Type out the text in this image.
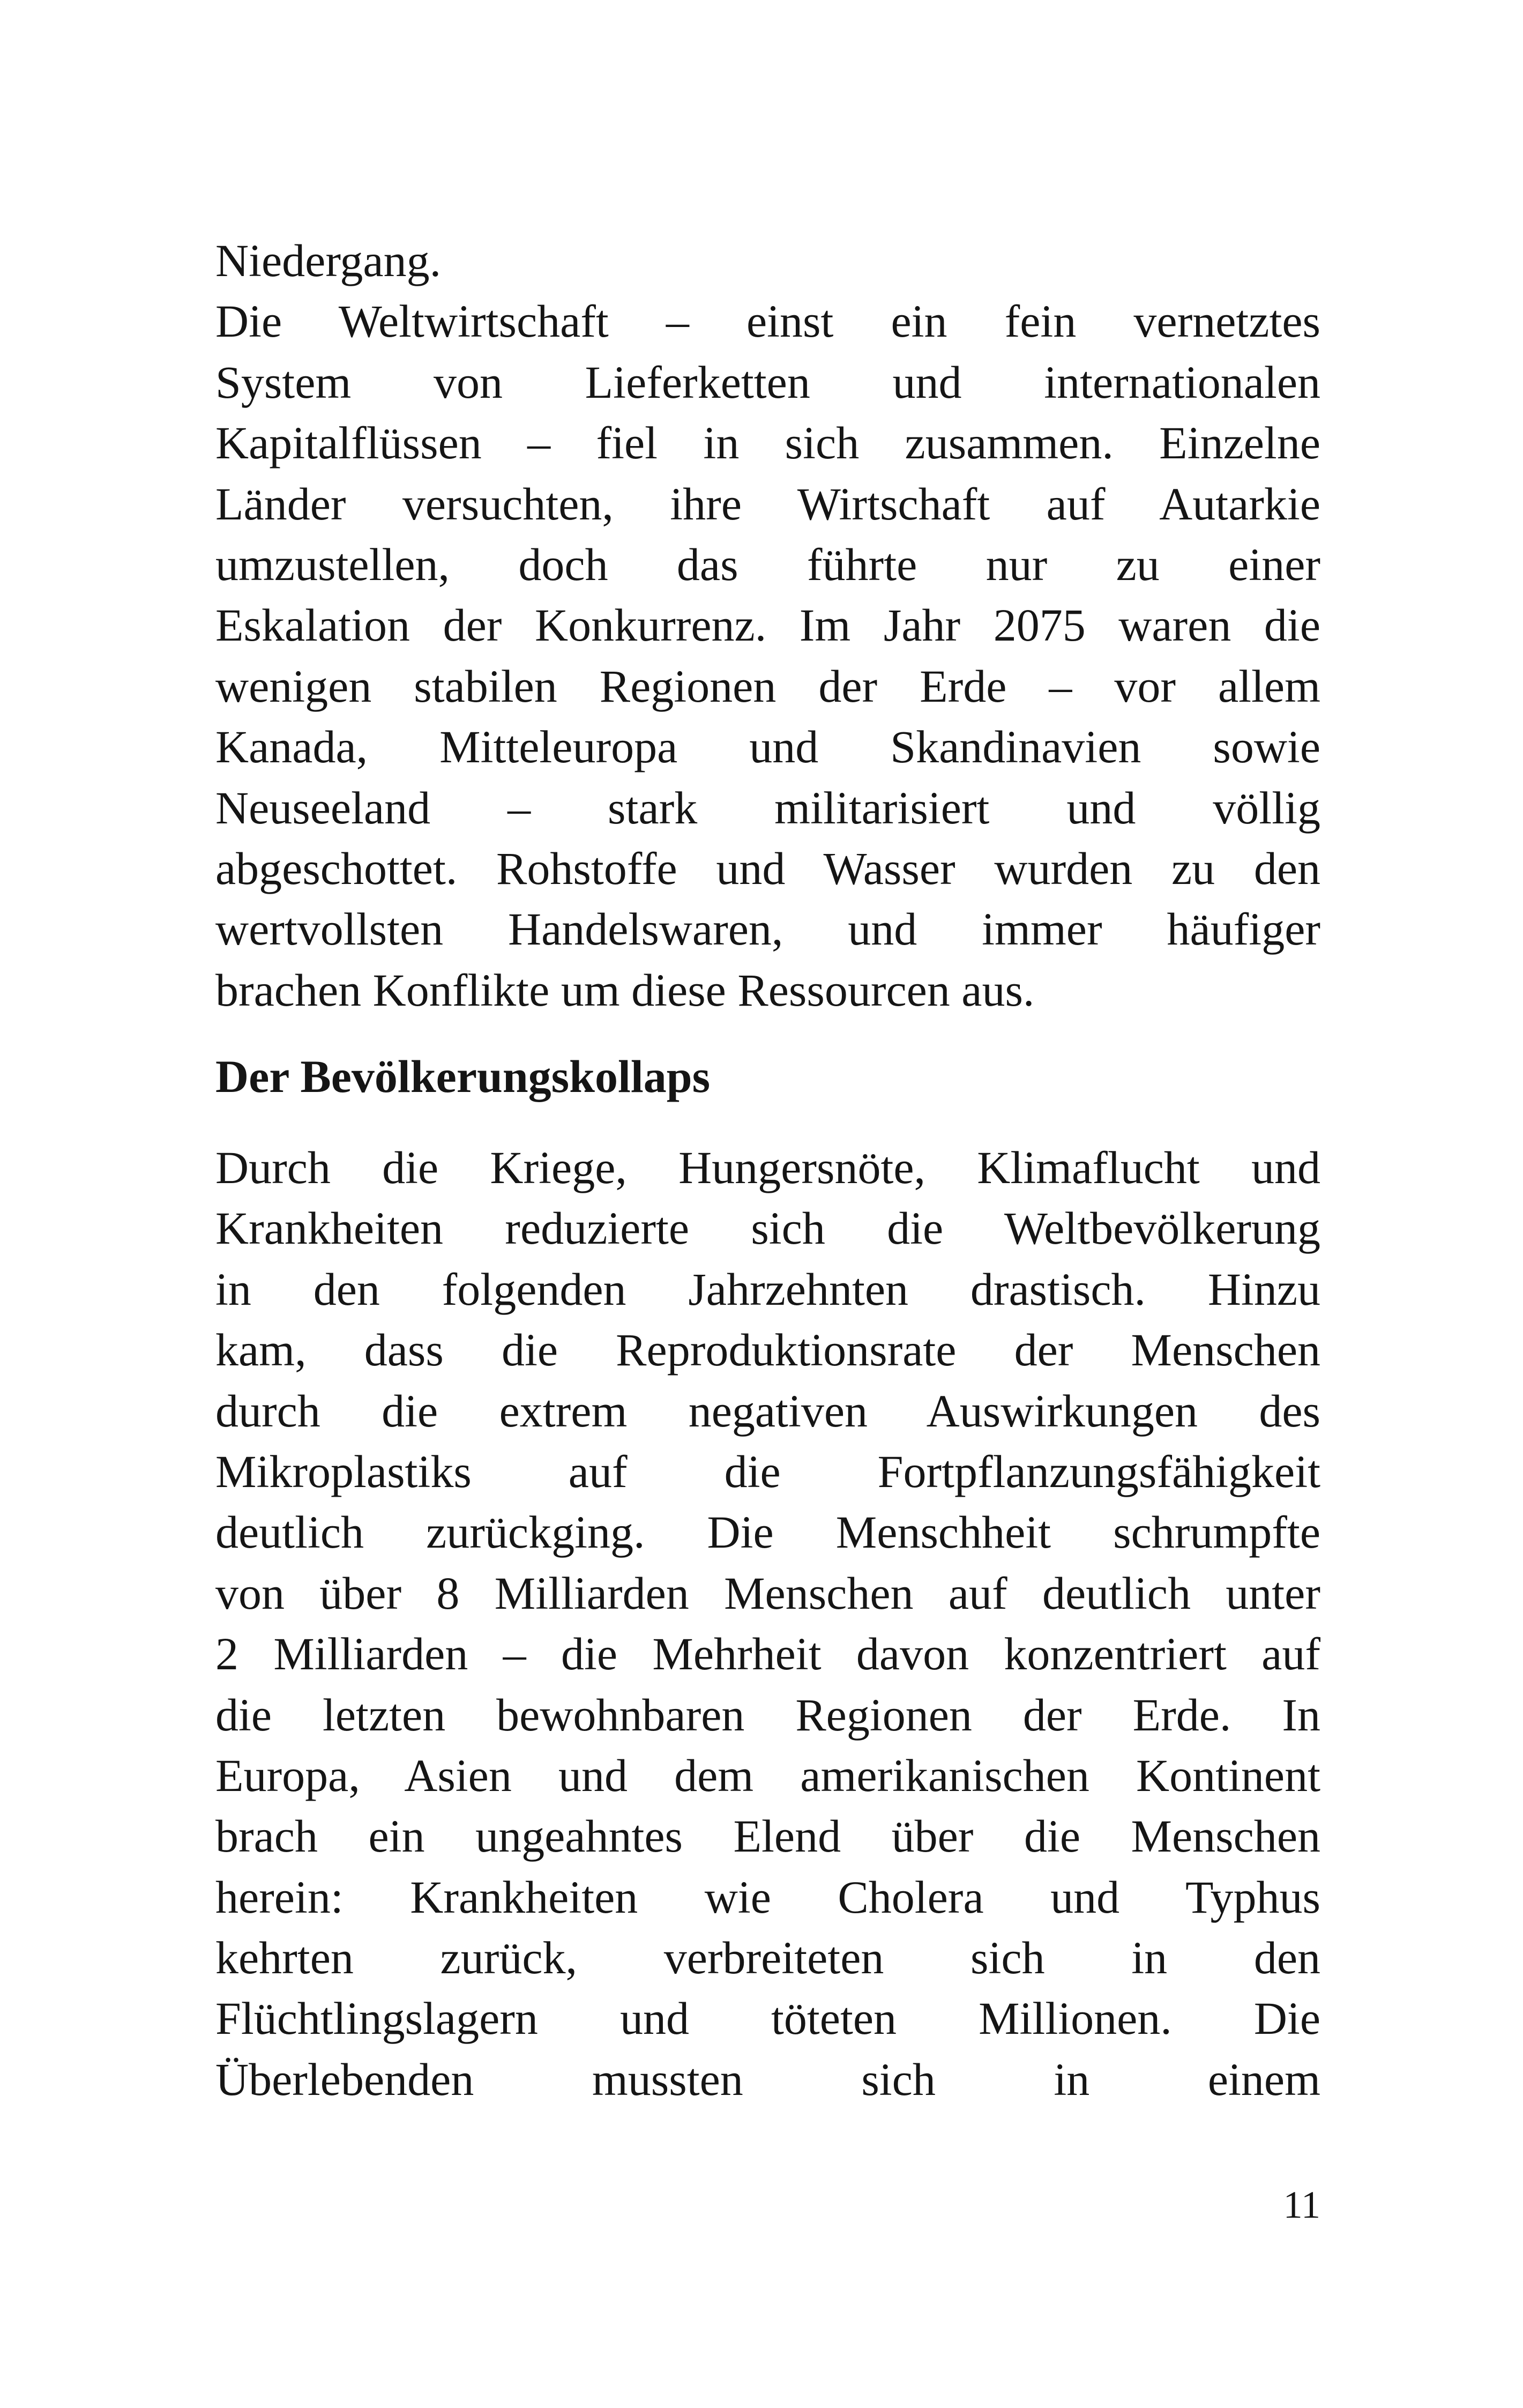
Niedergang.
Die Weltwirtschaft – einst ein fein vernetztes
System von Lieferketten und internationalen
Kapitalflüssen – fiel in sich zusammen. Einzelne
Länder versuchten, ihre Wirtschaft auf Autarkie
umzustellen, doch das führte nur zu einer
Eskalation der Konkurrenz. Im Jahr 2075 waren die
wenigen stabilen Regionen der Erde – vor allem
Kanada, Mitteleuropa und Skandinavien sowie
Neuseeland – stark militarisiert und völlig
abgeschottet. Rohstoffe und Wasser wurden zu den
wertvollsten Handelswaren, und immer häufiger
brachen Konflikte um diese Ressourcen aus.
Der Bevölkerungskollaps
Durch die Kriege, Hungersnöte, Klimaflucht und
Krankheiten reduzierte sich die Weltbevölkerung
in den folgenden Jahrzehnten drastisch. Hinzu
kam, dass die Reproduktionsrate der Menschen
durch die extrem negativen Auswirkungen des
Mikroplastiks auf die Fortpflanzungsfähigkeit
deutlich zurückging. Die Menschheit schrumpfte
von über 8 Milliarden Menschen auf deutlich unter
2 Milliarden – die Mehrheit davon konzentriert auf
die letzten bewohnbaren Regionen der Erde. In
Europa, Asien und dem amerikanischen Kontinent
brach ein ungeahntes Elend über die Menschen
herein: Krankheiten wie Cholera und Typhus
kehrten zurück, verbreiteten sich in den
Flüchtlingslagern und töteten Millionen. Die
Überlebenden mussten sich in einem
11
